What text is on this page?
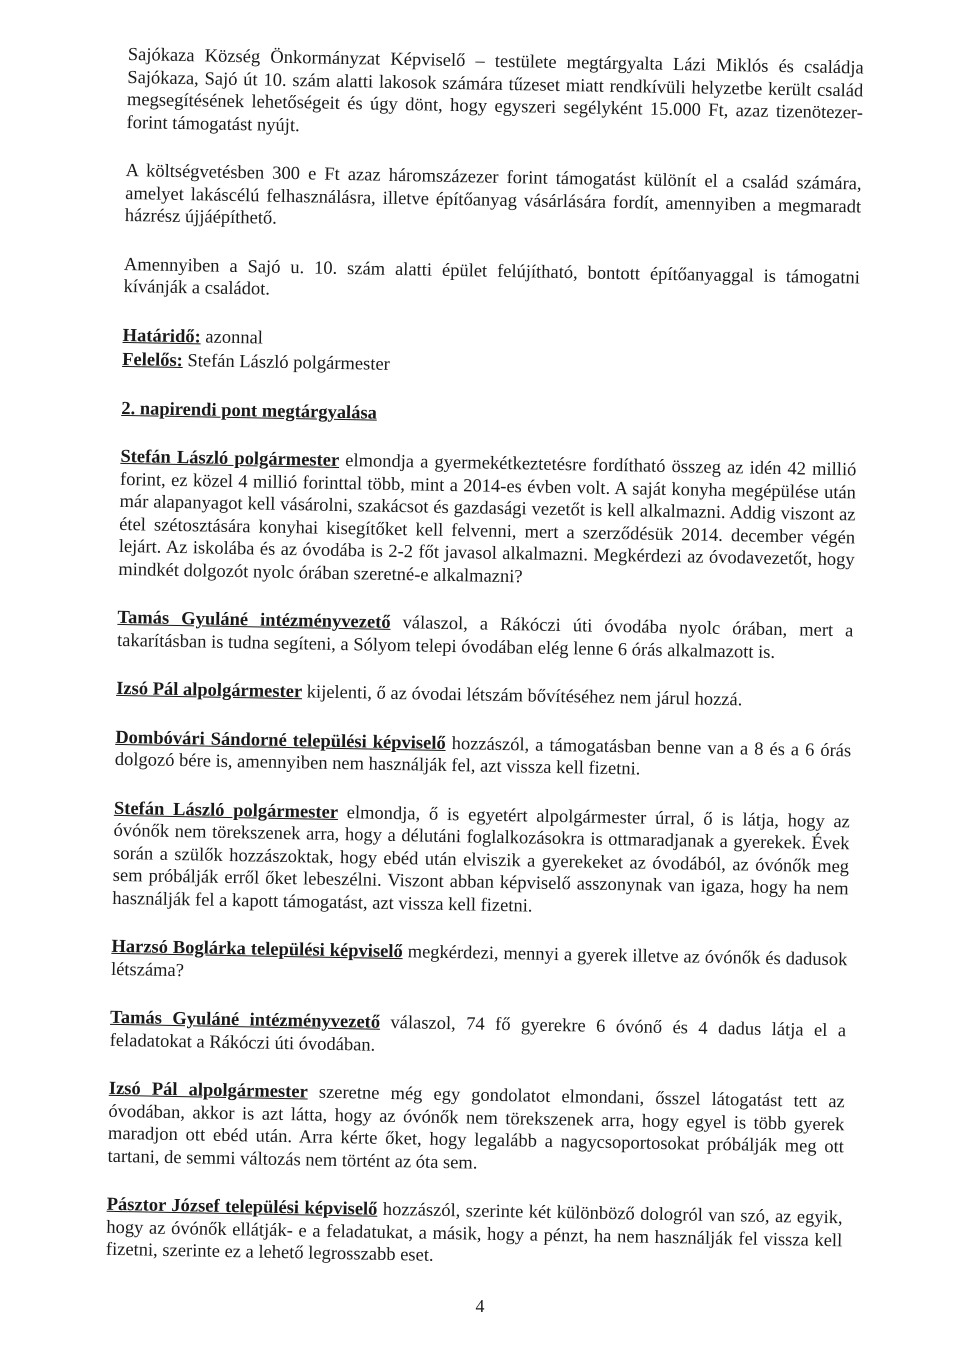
Sajókaza Község Önkormányzat Képviselő – testülete megtárgyalta Lázi Miklós és családja Sajókaza, Sajó út 10. szám alatti lakosok számára tűzeset miatt rendkívüli helyzetbe került család megsegítésének lehetőségeit és úgy dönt, hogy egyszeri segélyként 15.000 Ft, azaz tizenötezer-forint támogatást nyújt.

A költségvetésben 300 e Ft azaz háromszázezer forint támogatást különít el a család számára, amelyet lakáscélú felhasználásra, illetve építőanyag vásárlására fordít, amennyiben a megmaradt házrész újjáépíthető.

Amennyiben a Sajó u. 10. szám alatti épület felújítható, bontott építőanyaggal is támogatni kívánják a családot.

Határidő: azonnal

Felelős: Stefán László polgármester

2. napirendi pont megtárgyalása

Stefán László polgármester elmondja a gyermekétkeztetésre fordítható összeg az idén 42 millió forint, ez közel 4 millió forinttal több, mint a 2014-es évben volt. A saját konyha megépülése után már alapanyagot kell vásárolni, szakácsot és gazdasági vezetőt is kell alkalmazni. Addig viszont az étel szétosztására konyhai kisegítőket kell felvenni, mert a szerződésük 2014. december végén lejárt. Az iskolába és az óvodába is 2-2 főt javasol alkalmazni. Megkérdezi az óvodavezetőt, hogy mindkét dolgozót nyolc órában szeretné-e alkalmazni?

Tamás Gyuláné intézményvezető válaszol, a Rákóczi úti óvodába nyolc órában, mert a takarításban is tudna segíteni, a Sólyom telepi óvodában elég lenne 6 órás alkalmazott is.

Izsó Pál alpolgármester kijelenti, ő az óvodai létszám bővítéséhez nem járul hozzá.

Dombóvári Sándorné települési képviselő hozzászól, a támogatásban benne van a 8 és a 6 órás dolgozó bére is, amennyiben nem használják fel, azt vissza kell fizetni.

Stefán László polgármester elmondja, ő is egyetért alpolgármester úrral, ő is látja, hogy az óvónők nem törekszenek arra, hogy a délutáni foglalkozásokra is ottmaradjanak a gyerekek. Évek során a szülők hozzászoktak, hogy ebéd után elviszik a gyerekeket az óvodából, az óvónők meg sem próbálják erről őket lebeszélni. Viszont abban képviselő asszonynak van igaza, hogy ha nem használják fel a kapott támogatást, azt vissza kell fizetni.

Harzsó Boglárka települési képviselő megkérdezi, mennyi a gyerek illetve az óvónők és dadusok létszáma?

Tamás Gyuláné intézményvezető válaszol, 74 fő gyerekre 6 óvónő és 4 dadus látja el a feladatokat a Rákóczi úti óvodában.

Izsó Pál alpolgármester szeretne még egy gondolatot elmondani, ősszel látogatást tett az óvodában, akkor is azt látta, hogy az óvónők nem törekszenek arra, hogy egyel is több gyerek maradjon ott ebéd után. Arra kérte őket, hogy legalább a nagycsoportosokat próbálják meg ott tartani, de semmi változás nem történt az óta sem.

Pásztor József települési képviselő hozzászól, szerinte két különböző dologról van szó, az egyik, hogy az óvónők ellátják- e a feladatukat, a másik, hogy a pénzt, ha nem használják fel vissza kell fizetni, szerinte ez a lehető legrosszabb eset.

4
